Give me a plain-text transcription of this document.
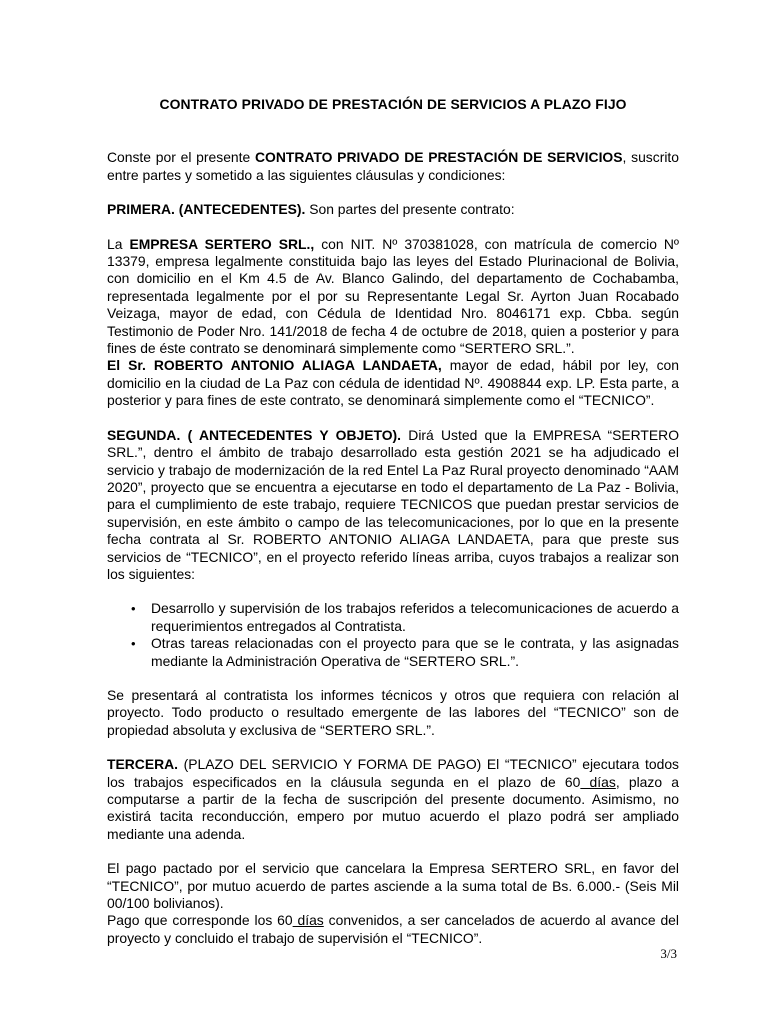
CONTRATO PRIVADO DE PRESTACIÓN DE SERVICIOS A PLAZO FIJO

Conste por el presente CONTRATO PRIVADO DE PRESTACIÓN DE SERVICIOS, suscrito entre partes y sometido a las siguientes cláusulas y condiciones:

PRIMERA. (ANTECEDENTES). Son partes del presente contrato:

La EMPRESA SERTERO SRL., con NIT. Nº 370381028, con matrícula de comercio Nº 13379, empresa legalmente constituida bajo las leyes del Estado Plurinacional de Bolivia, con domicilio en el Km 4.5 de Av. Blanco Galindo, del departamento de Cochabamba, representada legalmente por el por su Representante Legal Sr. Ayrton Juan Rocabado Veizaga, mayor de edad, con Cédula de Identidad Nro. 8046171 exp. Cbba. según Testimonio de Poder Nro. 141/2018 de fecha 4 de octubre de 2018, quien a posterior y para fines de éste contrato se denominará simplemente como “SERTERO SRL.”.

El Sr. ROBERTO ANTONIO ALIAGA LANDAETA, mayor de edad, hábil por ley, con domicilio en la ciudad de La Paz con cédula de identidad Nº. 4908844 exp. LP. Esta parte, a posterior y para fines de este contrato, se denominará simplemente como el “TECNICO”.

SEGUNDA. ( ANTECEDENTES Y OBJETO). Dirá Usted que la EMPRESA “SERTERO SRL.”, dentro el ámbito de trabajo desarrollado esta gestión 2021 se ha adjudicado el servicio y trabajo de modernización de la red Entel La Paz Rural proyecto denominado “AAM 2020”, proyecto que se encuentra a ejecutarse en todo el departamento de La Paz - Bolivia, para el cumplimiento de este trabajo, requiere TECNICOS que puedan prestar servicios de supervisión, en este ámbito o campo de las telecomunicaciones, por lo que en la presente fecha contrata al Sr. ROBERTO ANTONIO ALIAGA LANDAETA, para que preste sus servicios de “TECNICO”, en el proyecto referido líneas arriba, cuyos trabajos a realizar son los siguientes:

• Desarrollo y supervisión de los trabajos referidos a telecomunicaciones de acuerdo a requerimientos entregados al Contratista.
• Otras tareas relacionadas con el proyecto para que se le contrata, y las asignadas mediante la Administración Operativa de “SERTERO SRL.”.

Se presentará al contratista los informes técnicos y otros que requiera con relación al proyecto. Todo producto o resultado emergente de las labores del “TECNICO” son de propiedad absoluta y exclusiva de “SERTERO SRL.”.

TERCERA. (PLAZO DEL SERVICIO Y FORMA DE PAGO) El “TECNICO” ejecutara todos los trabajos especificados en la cláusula segunda en el plazo de 60 días, plazo a computarse a partir de la fecha de suscripción del presente documento. Asimismo, no existirá tacita reconducción, empero por mutuo acuerdo el plazo podrá ser ampliado mediante una adenda.

El pago pactado por el servicio que cancelara la Empresa SERTERO SRL, en favor del “TECNICO”, por mutuo acuerdo de partes asciende a la suma total de Bs. 6.000.- (Seis Mil 00/100 bolivianos).

Pago que corresponde los 60 días convenidos, a ser cancelados de acuerdo al avance del proyecto y concluido el trabajo de supervisión el “TECNICO”.

3/3
